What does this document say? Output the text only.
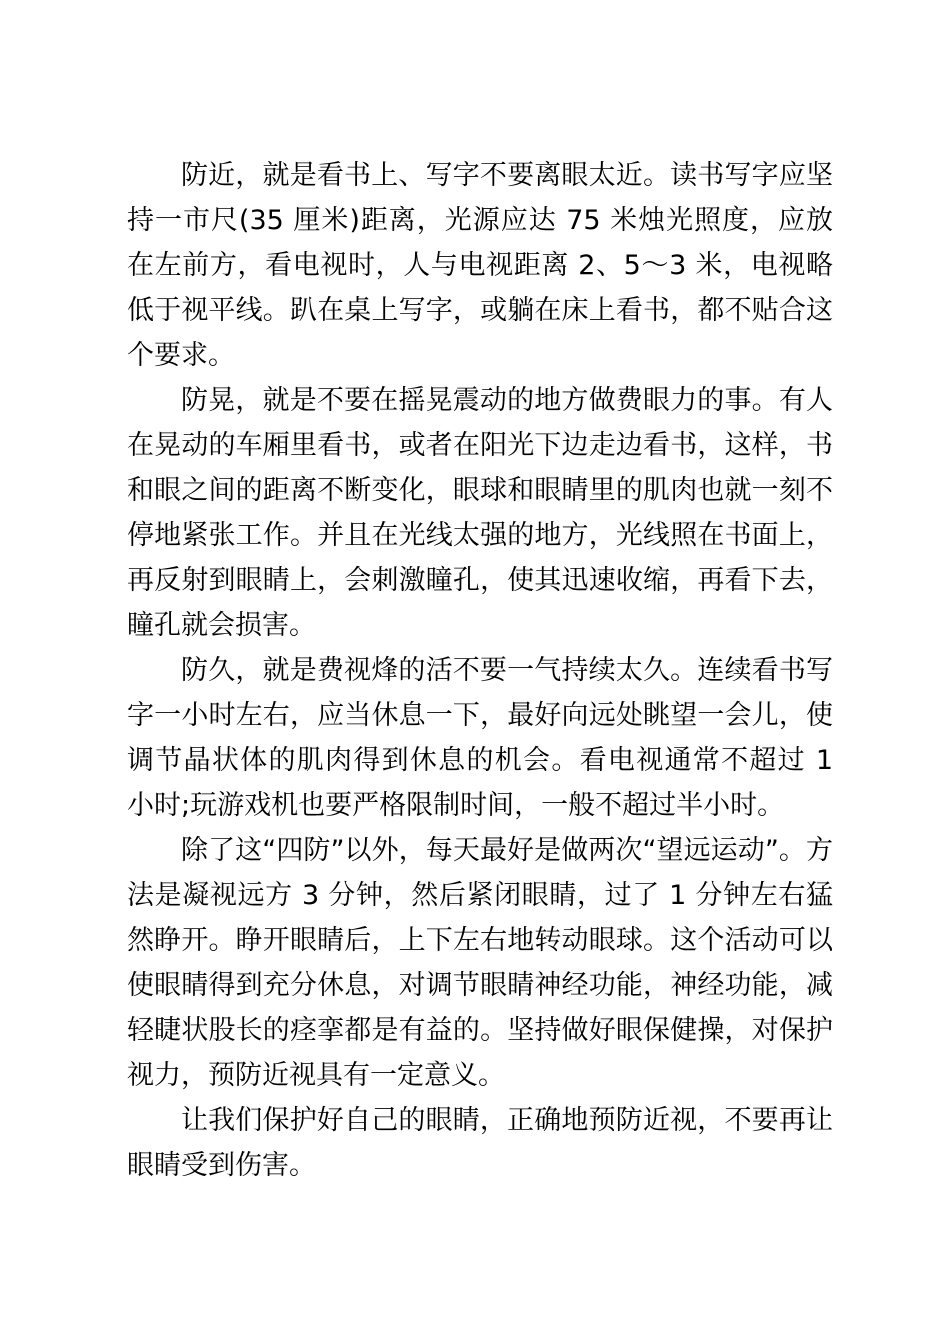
防近，就是看书上、写字不要离眼太近。读书写字应坚持一市尺(35 厘米)距离，光源应达 75 米烛光照度，应放在左前方，看电视时，人与电视距离 2、5～3 米，电视略低于视平线。趴在桌上写字，或躺在床上看书，都不贴合这个要求。

防晃，就是不要在摇晃震动的地方做费眼力的事。有人在晃动的车厢里看书，或者在阳光下边走边看书，这样，书和眼之间的距离不断变化，眼球和眼睛里的肌肉也就一刻不停地紧张工作。并且在光线太强的地方，光线照在书面上，再反射到眼睛上，会刺激瞳孔，使其迅速收缩，再看下去，瞳孔就会损害。

防久，就是费视烽的活不要一气持续太久。连续看书写字一小时左右，应当休息一下，最好向远处眺望一会儿，使调节晶状体的肌肉得到休息的机会。看电视通常不超过 1 小时;玩游戏机也要严格限制时间，一般不超过半小时。

除了这“四防”以外，每天最好是做两次“望远运动”。方法是凝视远方 3 分钟，然后紧闭眼睛，过了 1 分钟左右猛然睁开。睁开眼睛后，上下左右地转动眼球。这个活动可以使眼睛得到充分休息，对调节眼睛神经功能，神经功能，减轻睫状股长的痉挛都是有益的。坚持做好眼保健操，对保护视力，预防近视具有一定意义。

让我们保护好自己的眼睛，正确地预防近视，不要再让眼睛受到伤害。
